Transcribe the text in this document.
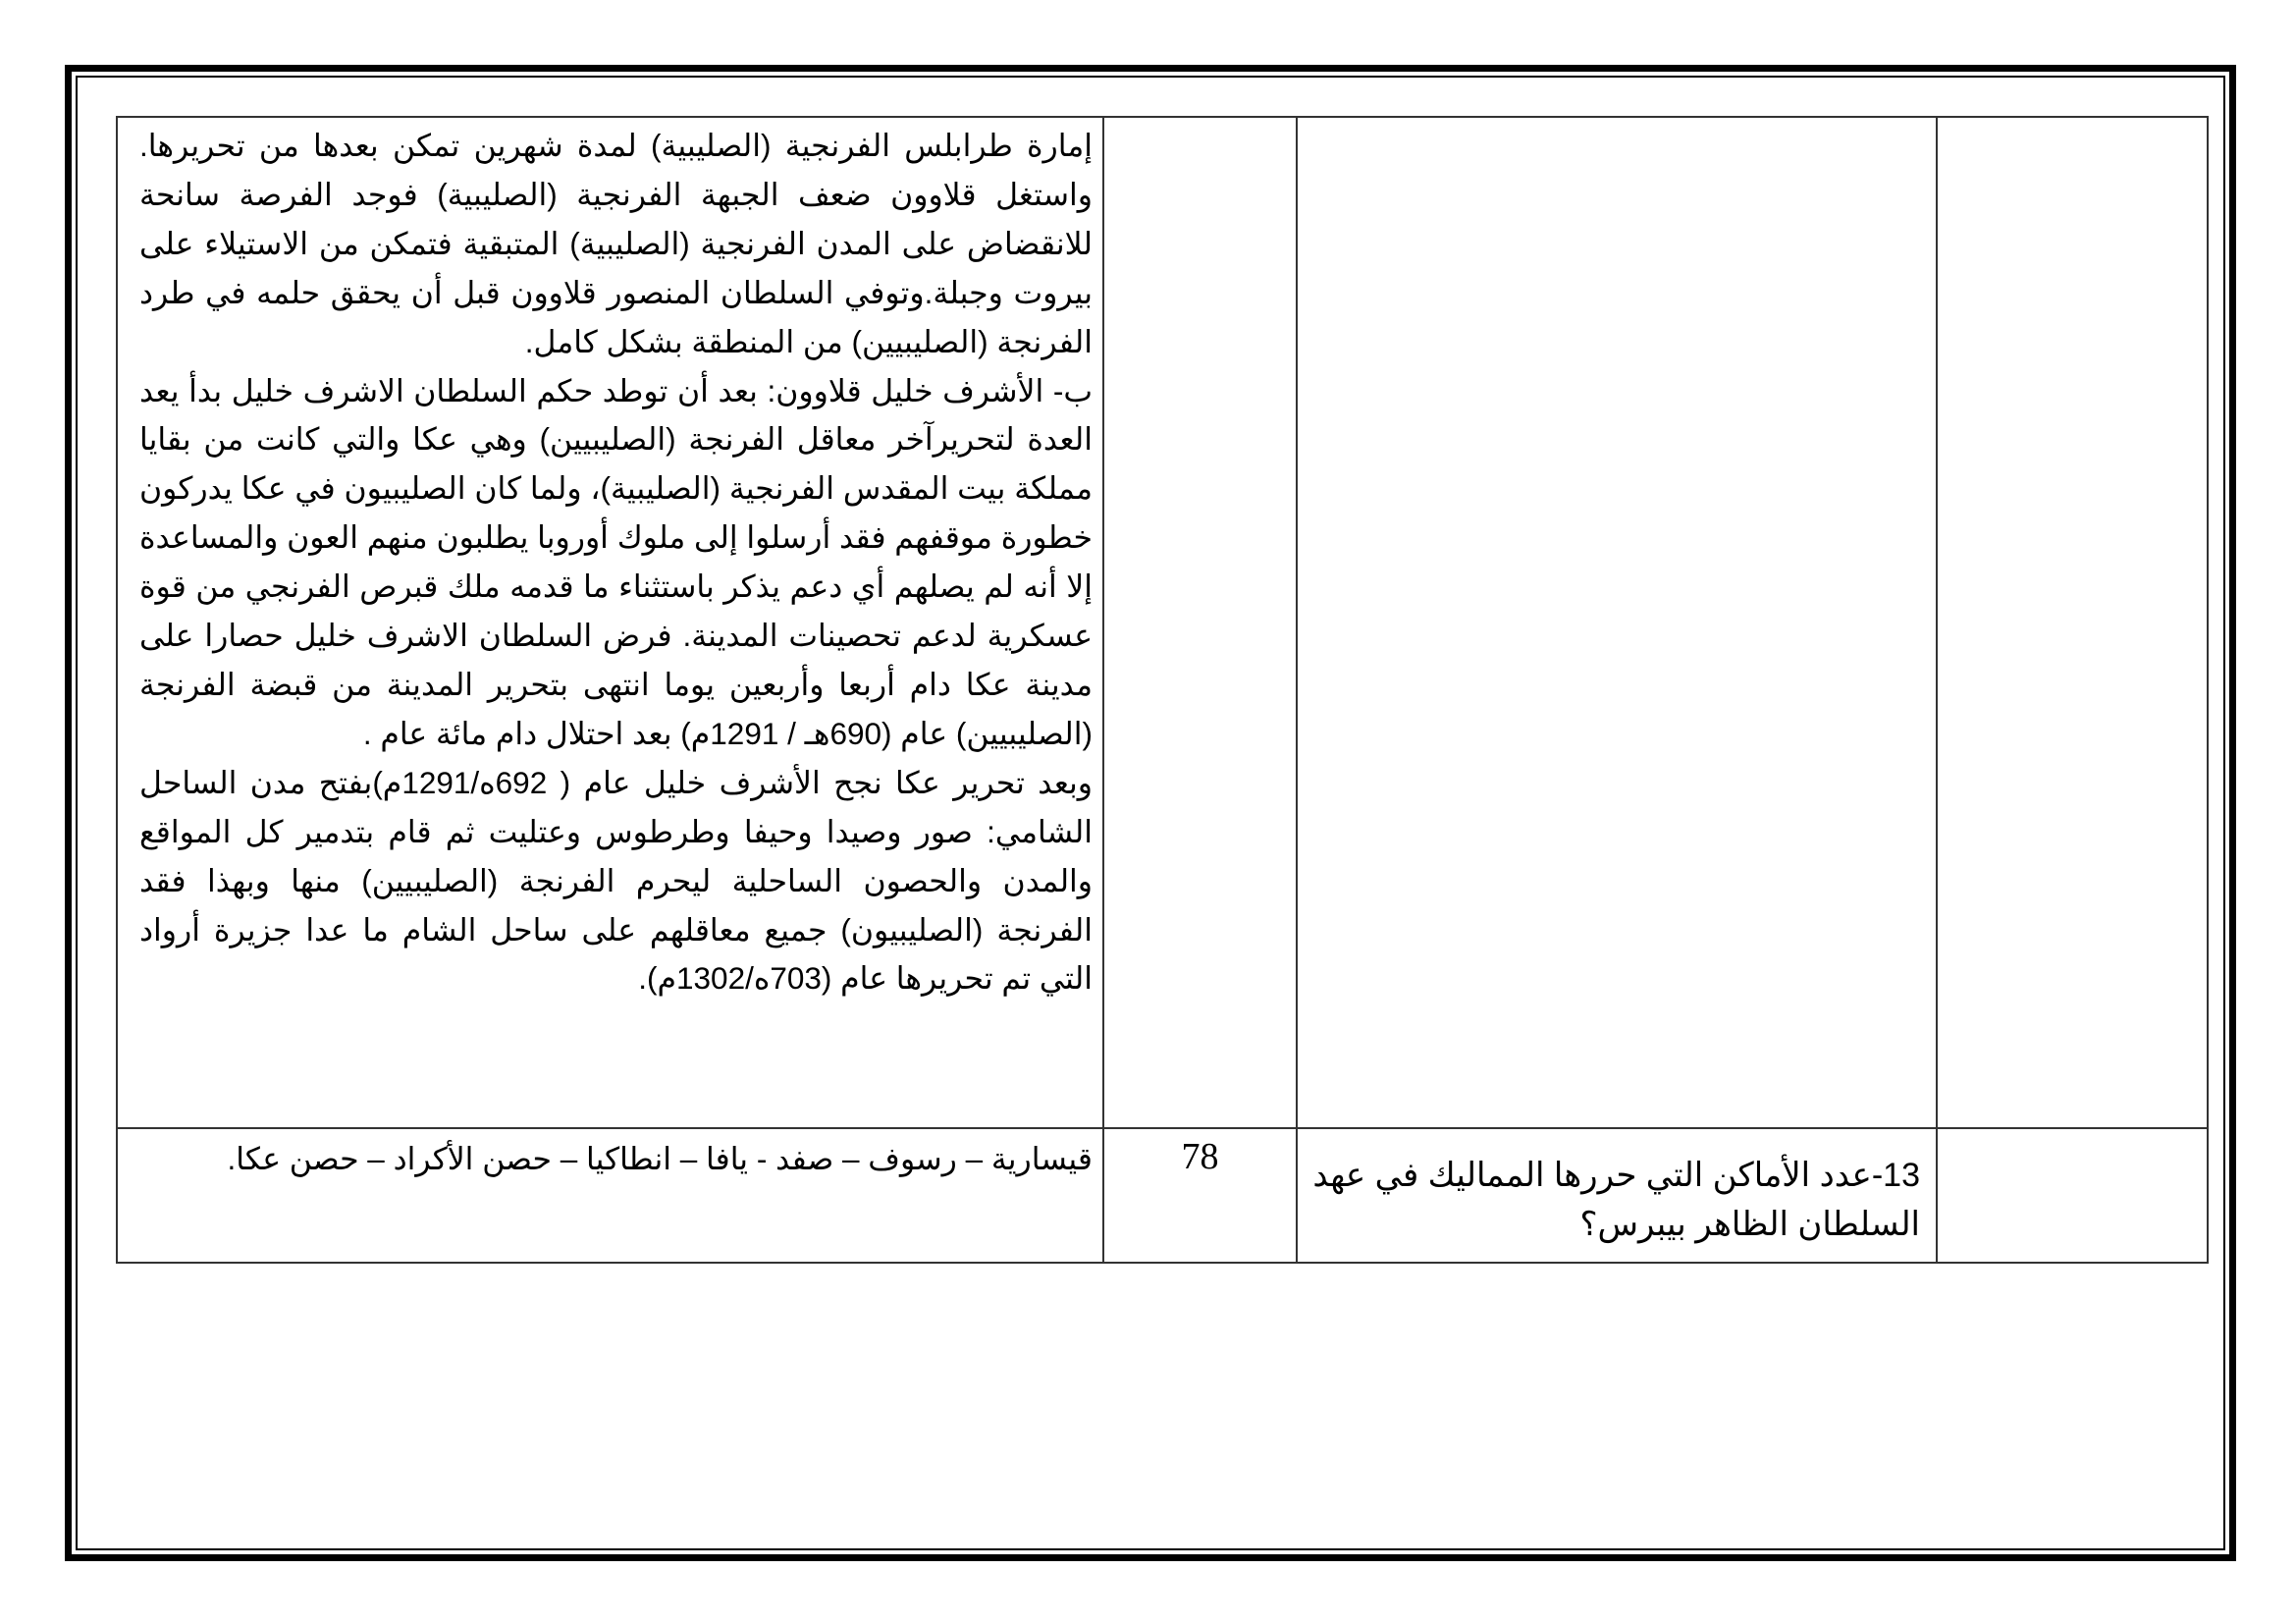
إمارة طرابلس الفرنجية (الصليبية) لمدة شهرين تمكن بعدها من تحريرها. واستغل قلاوون ضعف الجبهة الفرنجية (الصليبية) فوجد الفرصة سانحة للانقضاض على المدن الفرنجية (الصليبية) المتبقية فتمكن من الاستيلاء على بيروت وجبلة.وتوفي السلطان المنصور قلاوون قبل أن يحقق حلمه في طرد الفرنجة (الصليبيين) من المنطقة بشكل كامل.

ب- الأشرف خليل قلاوون: بعد أن توطد حكم السلطان الاشرف خليل بدأ يعد العدة لتحريرآخر معاقل الفرنجة (الصليبيين) وهي عكا والتي كانت من بقايا مملكة بيت المقدس الفرنجية (الصليبية)، ولما كان الصليبيون في عكا يدركون خطورة موقفهم فقد أرسلوا إلى ملوك أوروبا يطلبون منهم العون والمساعدة إلا أنه لم يصلهم أي دعم يذكر باستثناء ما قدمه ملك قبرص الفرنجي من قوة عسكرية لدعم تحصينات المدينة. فرض السلطان الاشرف خليل حصارا على مدينة عكا دام أربعا وأربعين يوما انتهى بتحرير المدينة من قبضة الفرنجة (الصليبيين) عام (690هـ / 1291م) بعد احتلال دام مائة عام .

وبعد تحرير عكا نجح الأشرف خليل عام ( 692ه/1291م)بفتح مدن الساحل الشامي: صور وصيدا وحيفا وطرطوس وعتليت ثم قام بتدمير كل المواقع والمدن والحصون الساحلية ليحرم الفرنجة (الصليبيين) منها وبهذا فقد الفرنجة (الصليبيون) جميع معاقلهم على ساحل الشام ما عدا جزيرة أرواد التي تم تحريرها عام (703ه/1302م).			

قيسارية – رسوف – صفد - يافا – انطاكيا – حصن الأكراد – حصن عكا.	78	13-عدد الأماكن التي حررها المماليك في عهد السلطان الظاهر بيبرس؟	
